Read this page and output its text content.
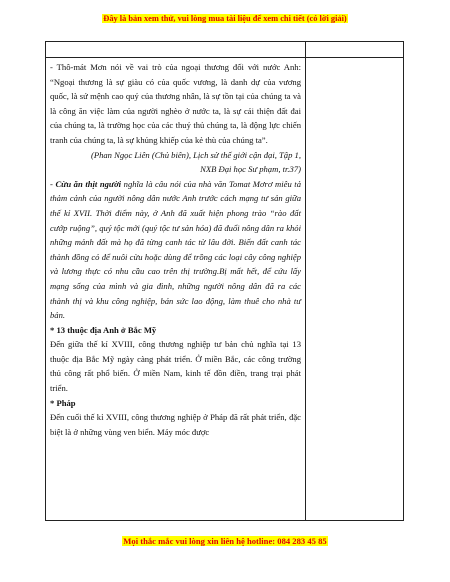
Đây là bản xem thử, vui lòng mua tài liệu để xem chi tiết (có lời giải)

- Thô-mát Mơn nói về vai trò của ngoại thương đối với nước Anh: “Ngoại thương là sự giàu có của quốc vương, là danh dự của vương quốc, là sứ mệnh cao quý của thương nhân, là sự tồn tại của chúng ta và là công ăn việc làm của người nghèo ở nước ta, là sự cải thiện đất đai của chúng ta, là trường học của các thuỷ thủ chúng ta, là động lực chiến tranh của chúng ta, là sự khủng khiếp của kẻ thù của chúng ta”.

(Phan Ngọc Liên (Chủ biên), Lịch sử thế giới cận đại, Tập 1,

NXB Đại học Sư phạm, tr.37)

- Cừu ăn thịt người nghĩa là câu nói của nhà văn Tomat Mơrơ miêu tả thảm cảnh của người nông dân nước Anh trước cách mạng tư sản giữa thế kỉ XVII. Thời điểm này, ở Anh đã xuất hiện phong trào “rào đất cướp ruộng”, quý tộc mới (quý tộc tư sản hóa) đã đuổi nông dân ra khỏi những mảnh đất mà họ đã từng canh tác từ lâu đời. Biến đất canh tác thành đồng cỏ để nuôi cừu hoặc dùng để trồng các loại cây công nghiệp và lương thực có nhu cầu cao trên thị trường.Bị mất hết, để cứu lấy mạng sống của mình và gia đình, những người nông dân đã ra các thành thị và khu công nghiệp, bán sức lao động, làm thuê cho nhà tư bản.

* 13 thuộc địa Anh ở Bắc Mỹ

Đến giữa thế kỉ XVIII, công thương nghiệp tư bản chủ nghĩa tại 13 thuộc địa Bắc Mỹ ngày càng phát triển. Ở miền Bắc, các công trường thủ công rất phổ biến. Ở miền Nam, kinh tế đồn điền, trang trại phát triển.

* Pháp

Đến cuối thế kỉ XVIII, công thương nghiệp ở Pháp đã rất phát triển, đặc biệt là ở những vùng ven biển. Máy móc được

Mọi thắc mắc vui lòng xin liên hệ hotline: 084 283 45 85
